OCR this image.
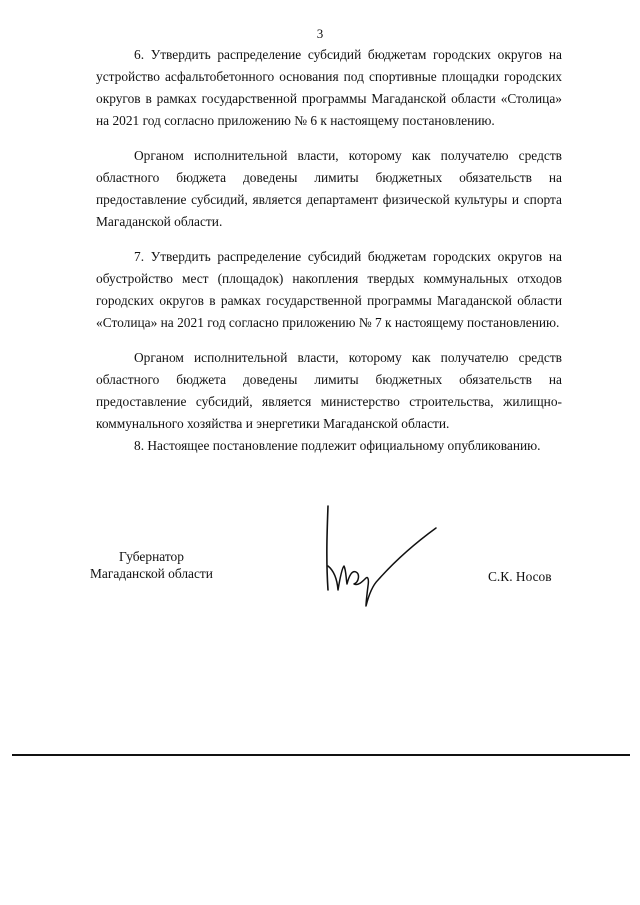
3

6. Утвердить распределение субсидий бюджетам городских округов на устройство асфальтобетонного основания под спортивные площадки городских округов в рамках государственной программы Магаданской области «Столица» на 2021 год согласно приложению № 6 к настоящему постановлению.

Органом исполнительной власти, которому как получателю средств областного бюджета доведены лимиты бюджетных обязательств на предоставление субсидий, является департамент физической культуры и спорта Магаданской области.

7. Утвердить распределение субсидий бюджетам городских округов на обустройство мест (площадок) накопления твердых коммунальных отходов городских округов в рамках государственной программы Магаданской области «Столица» на 2021 год согласно приложению № 7 к настоящему постановлению.

Органом исполнительной власти, которому как получателю средств областного бюджета доведены лимиты бюджетных обязательств на предоставление субсидий, является министерство строительства, жилищно-коммунального хозяйства и энергетики Магаданской области.

8. Настоящее постановление подлежит официальному опубликованию.

Губернатор
Магаданской области	С.К. Носов
